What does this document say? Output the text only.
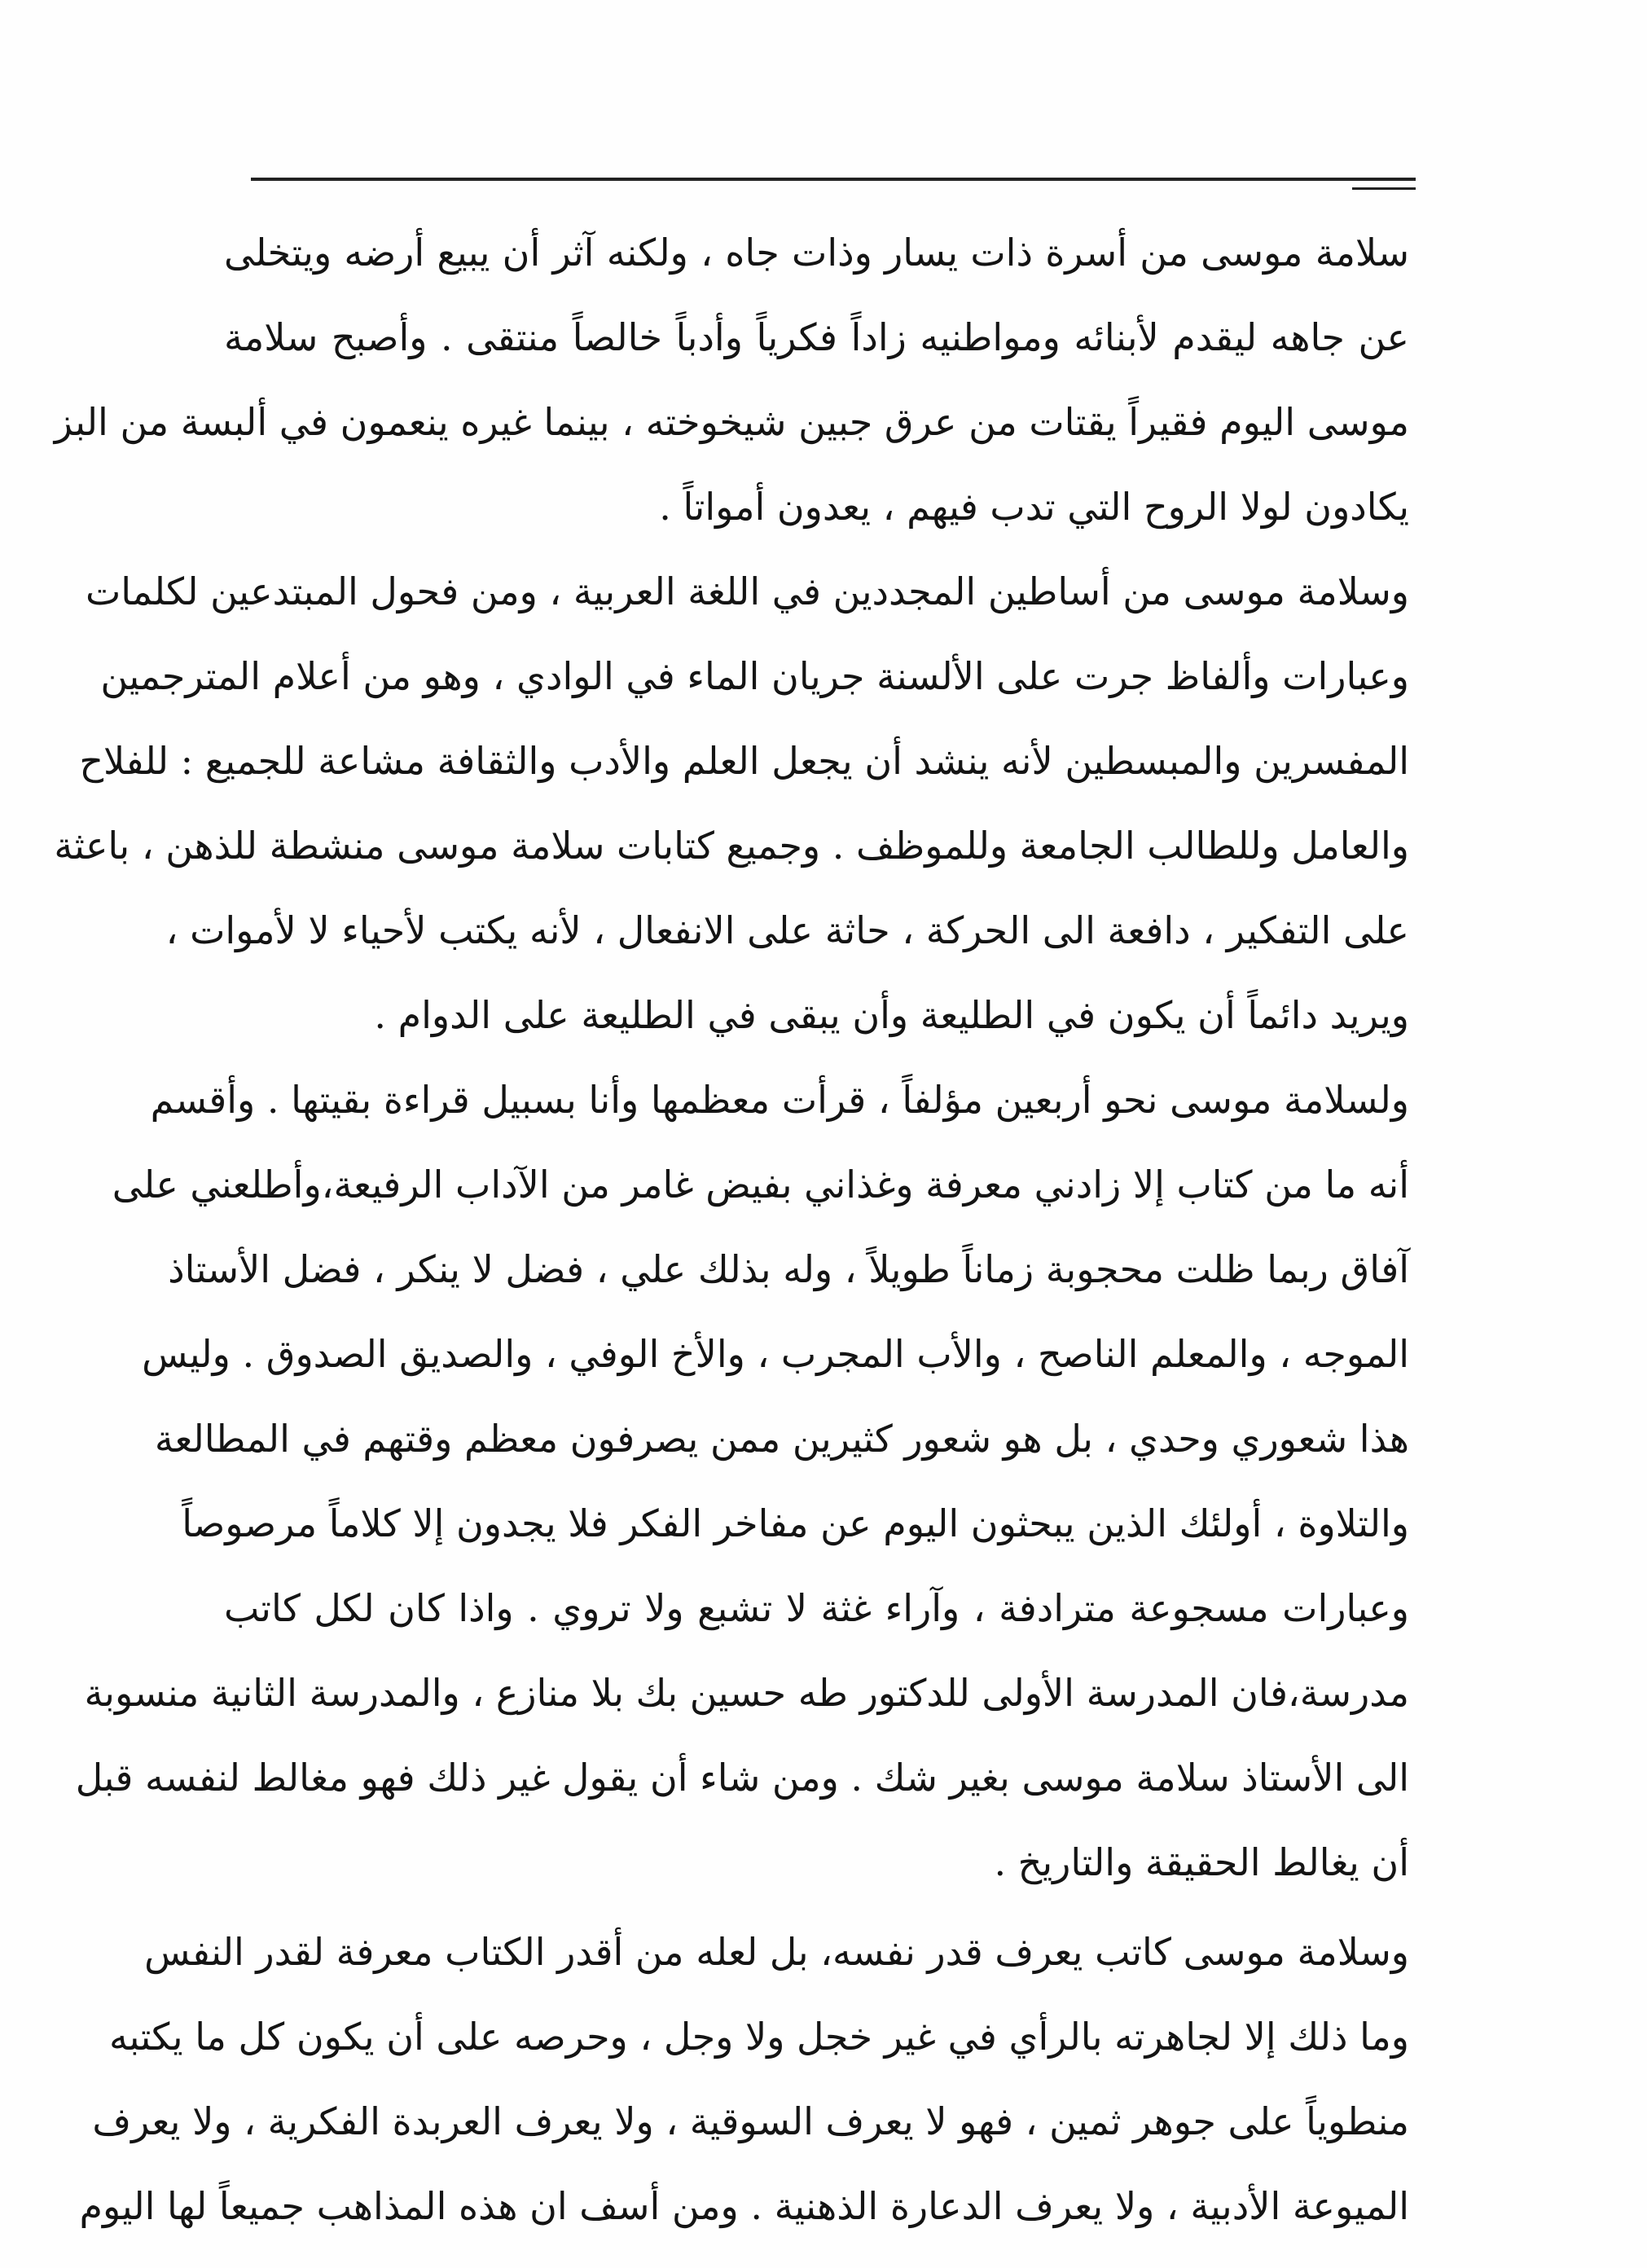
سلامة موسى من أسرة ذات يسار وذات جاه ، ولكنه آثر أن يبيع أرضه ويتخلى
عن جاهه ليقدم لأبنائه ومواطنيه زاداً فكرياً وأدباً خالصاً منتقى . وأصبح سلامة
موسى اليوم فقيراً يقتات من عرق جبين شيخوخته ، بينما غيره ينعمون في ألبسة من البز
يكادون لولا الروح التي تدب فيهم ، يعدون أمواتاً .
وسلامة موسى من أساطين المجددين في اللغة العربية ، ومن فحول المبتدعين لكلمات
وعبارات وألفاظ جرت على الألسنة جريان الماء في الوادي ، وهو من أعلام المترجمين
المفسرين والمبسطين لأنه ينشد أن يجعل العلم والأدب والثقافة مشاعة للجميع : للفلاح
والعامل وللطالب الجامعة وللموظف . وجميع كتابات سلامة موسى منشطة للذهن ، باعثة
على التفكير ، دافعة الى الحركة ، حاثة على الانفعال ، لأنه يكتب لأحياء لا لأموات ،
ويريد دائماً أن يكون في الطليعة وأن يبقى في الطليعة على الدوام .
ولسلامة موسى نحو أربعين مؤلفاً ، قرأت معظمها وأنا بسبيل قراءة بقيتها . وأقسم
أنه ما من كتاب إلا زادني معرفة وغذاني بفيض غامر من الآداب الرفيعة،وأطلعني على
آفاق ربما ظلت محجوبة زماناً طويلاً ، وله بذلك علي ، فضل لا ينكر ، فضل الأستاذ
الموجه ، والمعلم الناصح ، والأب المجرب ، والأخ الوفي ، والصديق الصدوق . وليس
هذا شعوري وحدي ، بل هو شعور كثيرين ممن يصرفون معظم وقتهم في المطالعة
والتلاوة ، أولئك الذين يبحثون اليوم عن مفاخر الفكر فلا يجدون إلا كلاماً مرصوصاً
وعبارات مسجوعة مترادفة ، وآراء غثة لا تشبع ولا تروي . واذا كان لكل كاتب
مدرسة،فان المدرسة الأولى للدكتور طه حسين بك بلا منازع ، والمدرسة الثانية منسوبة
الى الأستاذ سلامة موسى بغير شك . ومن شاء أن يقول غير ذلك فهو مغالط لنفسه قبل
أن يغالط الحقيقة والتاريخ .
وسلامة موسى كاتب يعرف قدر نفسه، بل لعله من أقدر الكتاب معرفة لقدر النفس
وما ذلك إلا لجاهرته بالرأي في غير خجل ولا وجل ، وحرصه على أن يكون كل ما يكتبه
منطوياً على جوهر ثمين ، فهو لا يعرف السوقية ، ولا يعرف العربدة الفكرية ، ولا يعرف
الميوعة الأدبية ، ولا يعرف الدعارة الذهنية . ومن أسف ان هذه المذاهب جميعاً لها اليوم
